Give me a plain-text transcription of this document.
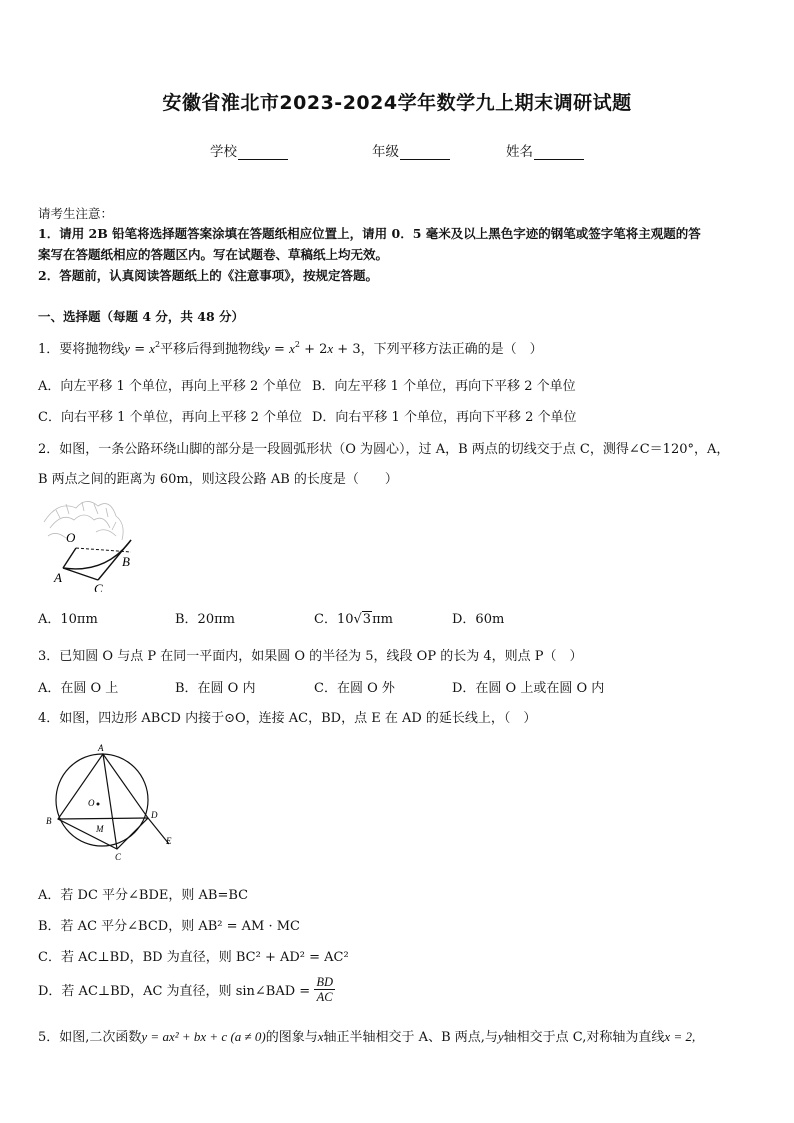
安徽省淮北市2023-2024学年数学九上期末调研试题
学校	年级	姓名
请考生注意：
1．请用 2B 铅笔将选择题答案涂填在答题纸相应位置上，请用 0．5 毫米及以上黑色字迹的钢笔或签字笔将主观题的答
案写在答题纸相应的答题区内。写在试题卷、草稿纸上均无效。
2．答题前，认真阅读答题纸上的《注意事项》，按规定答题。
一、选择题（每题 4 分，共 48 分）
1．要将抛物线$y = x^2$平移后得到抛物线$y = x^2 + 2x + 3$，下列平移方法正确的是（　）
A．向左平移 1 个单位，再向上平移 2 个单位 B．向左平移 1 个单位，再向下平移 2 个单位
C．向右平移 1 个单位，再向上平移 2 个单位 D．向右平移 1 个单位，再向下平移 2 个单位
2．如图，一条公路环绕山脚的部分是一段圆弧形状（O 为圆心），过 A，B 两点的切线交于点 C，测得∠C＝120°，A，
B 两点之间的距离为 60m，则这段公路 AB 的长度是（　　）
O
A
B
C
A．10πm	B．20πm	C．10√3πm	D．60m
3．已知圆 O 与点 P 在同一平面内，如果圆 O 的半径为 5，线段 OP 的长为 4，则点 P（　）
A．在圆 O 上	B．在圆 O 内	C．在圆 O 外	D．在圆 O 上或在圆 O 内
4．如图，四边形 ABCD 内接于⊙O，连接 AC，BD，点 E 在 AD 的延长线上，（　）
A
B
C
D
E
M
O
A．若 DC 平分∠BDE，则 AB=BC
B．若 AC 平分∠BCD，则 AB² = AM · MC
C．若 AC⊥BD，BD 为直径，则 BC² + AD² = AC²
D．若 AC⊥BD，AC 为直径，则 sin∠BAD = $\frac{BD}{AC}$
5．如图,二次函数y = ax² + bx + c (a ≠ 0)的图象与x轴正半轴相交于 A、B 两点,与y轴相交于点 C,对称轴为直线x = 2,
